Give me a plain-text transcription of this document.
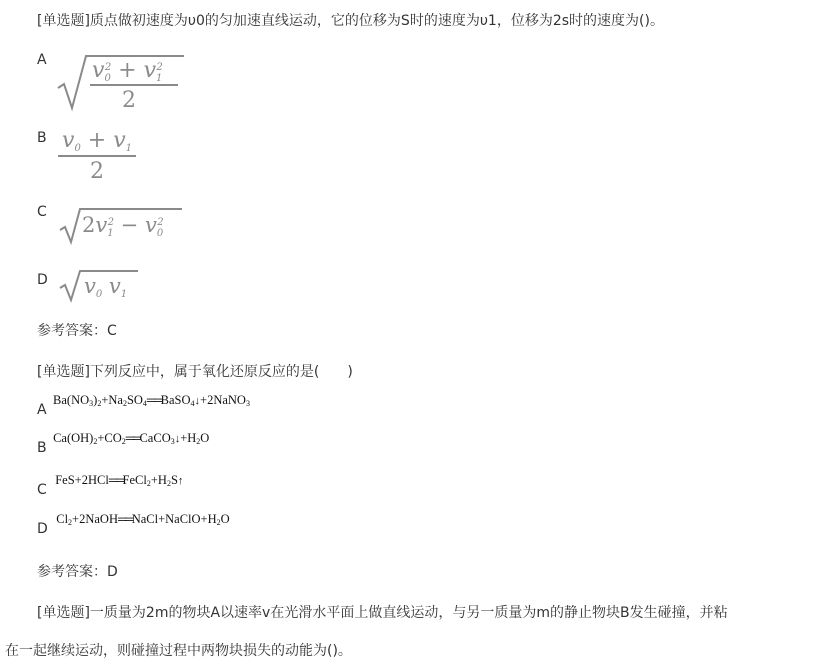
[单选题]质点做初速度为υ0的匀加速直线运动，它的位移为S时的速度为υ1，位移为2s时的速度为()。
A $v0^2 + v1^2$
2
B $\frac{v0 + v1}{2}$
C
$2v1^2 - v0^2$
D v0 v1
参考答案：C
[单选题]下列反应中，属于氧化还原反应的是(　　)
A $Ba(NO_3)_2+Na_2SO_4══BaSO_4↓+2NaNO_3$
B $Ca(OH)_2+CO_2══CaCO_3↓+H_2O$
C $FeS+2HCl══FeCl_2+H_2S↑$
D $Cl_2+2NaOH══NaCl+NaClO+H_2O$
参考答案：D
[单选题]一质量为2m的物块A以速率v在光滑水平面上做直线运动，与另一质量为m的静止物块B发生碰撞，并粘
在一起继续运动，则碰撞过程中两物块损失的动能为()。
